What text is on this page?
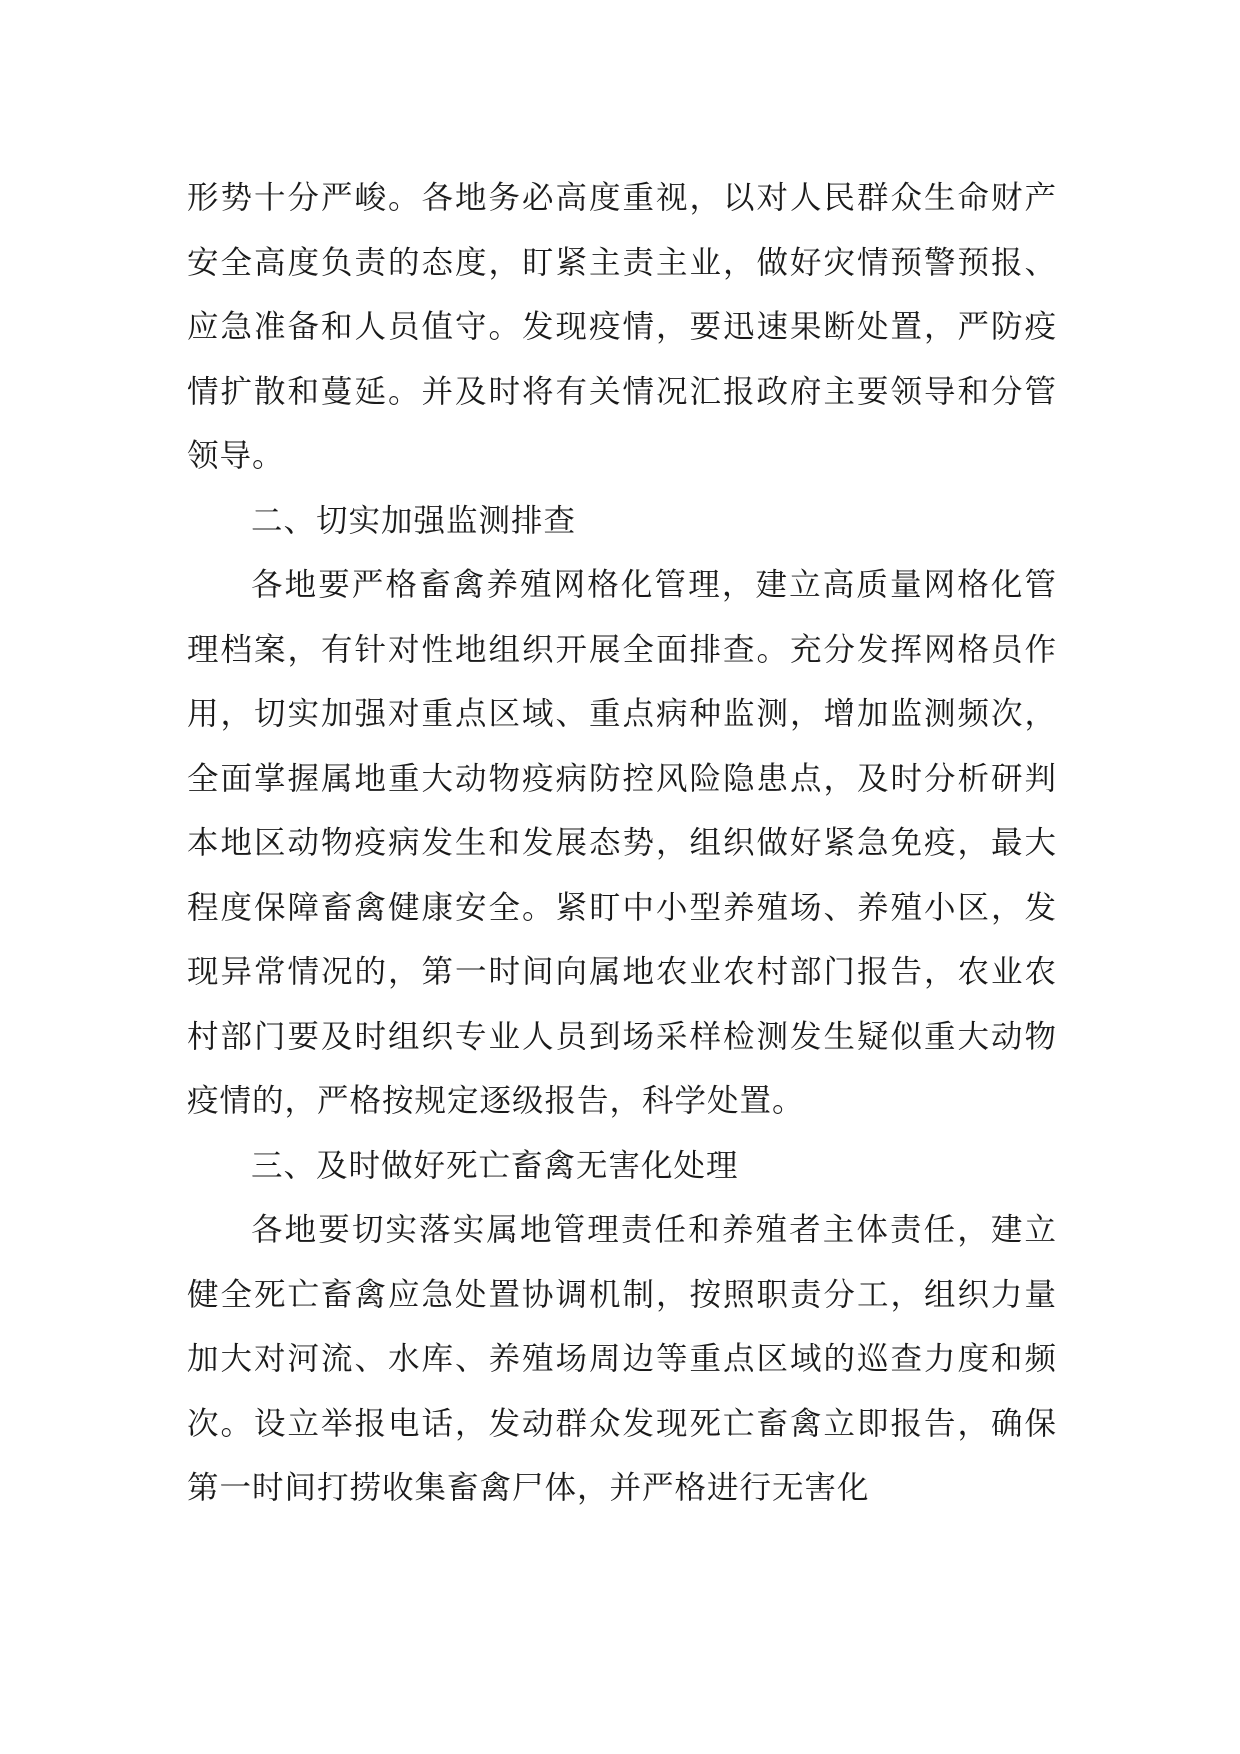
形势十分严峻。各地务必高度重视，以对人民群众生命财产安全高度负责的态度，盯紧主责主业，做好灾情预警预报、应急准备和人员值守。发现疫情，要迅速果断处置，严防疫情扩散和蔓延。并及时将有关情况汇报政府主要领导和分管领导。

二、切实加强监测排查

各地要严格畜禽养殖网格化管理，建立高质量网格化管理档案，有针对性地组织开展全面排查。充分发挥网格员作用，切实加强对重点区域、重点病种监测，增加监测频次，全面掌握属地重大动物疫病防控风险隐患点，及时分析研判本地区动物疫病发生和发展态势，组织做好紧急免疫，最大程度保障畜禽健康安全。紧盯中小型养殖场、养殖小区，发现异常情况的，第一时间向属地农业农村部门报告，农业农村部门要及时组织专业人员到场采样检测发生疑似重大动物疫情的，严格按规定逐级报告，科学处置。

三、及时做好死亡畜禽无害化处理

各地要切实落实属地管理责任和养殖者主体责任，建立健全死亡畜禽应急处置协调机制，按照职责分工，组织力量加大对河流、水库、养殖场周边等重点区域的巡查力度和频次。设立举报电话，发动群众发现死亡畜禽立即报告，确保第一时间打捞收集畜禽尸体，并严格进行无害化
